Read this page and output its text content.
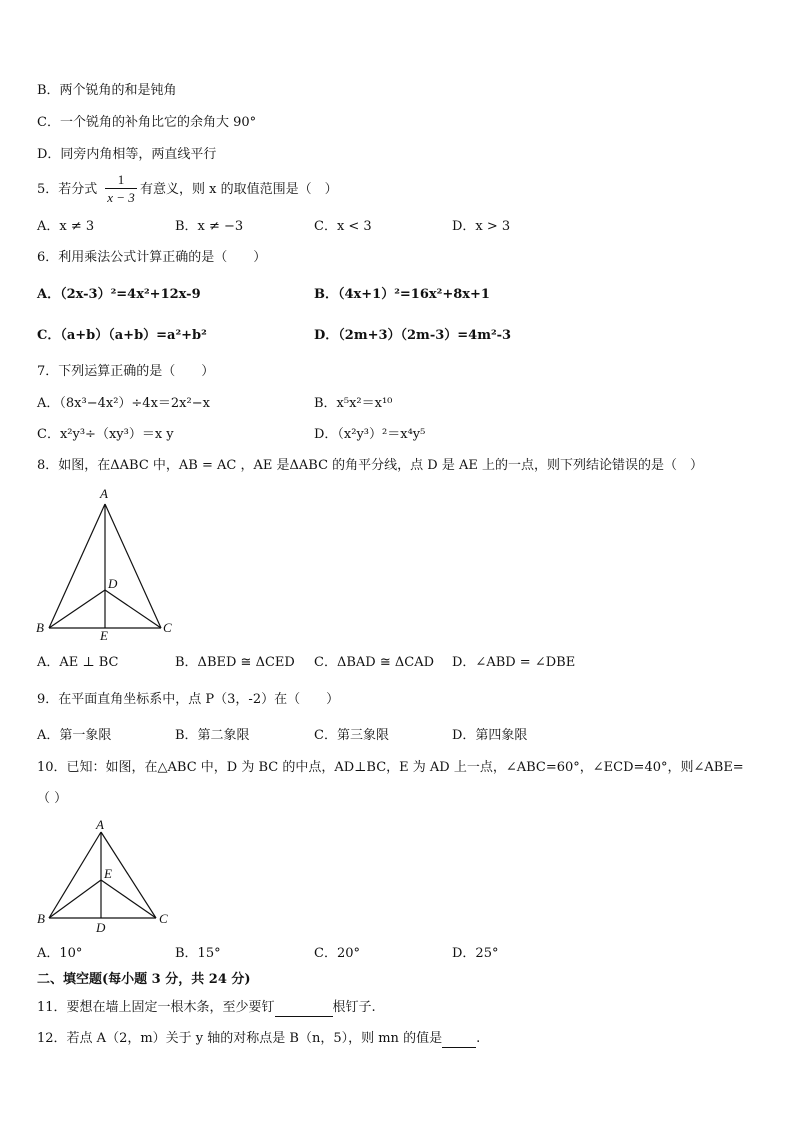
B．两个锐角的和是钝角
C．一个锐角的补角比它的余角大 90°
D．同旁内角相等，两直线平行
5．若分式
1
x − 3
有意义，则 x 的取值范围是（　）
A．x ≠ 3	B．x ≠ −3	C．x < 3	D．x > 3
6．利用乘法公式计算正确的是（　　）
A．（2x-3）²=4x²+12x-9	B．（4x+1）²=16x²+8x+1
C．（a+b）（a+b）=a²+b²	D．（2m+3）（2m-3）=4m²-3
7．下列运算正确的是（　　）
A．（8x³−4x²）÷4x＝2x²−x	B．x⁵x²＝x¹⁰
C．x²y³÷（xy³）＝x y	D．（x²y³）²＝x⁴y⁵
8．如图，在ΔABC 中，AB = AC ，AE 是ΔABC 的角平分线，点 D 是 AE 上的一点，则下列结论错误的是（　）
A
D
B	C
E
A．AE ⊥ BC	B．ΔBED ≅ ΔCED C．ΔBAD ≅ ΔCAD D．∠ABD = ∠DBE
9．在平面直角坐标系中，点 P（3，-2）在（　　）
A．第一象限	B．第二象限	C．第三象限	D．第四象限
10．已知：如图，在△ABC 中，D 为 BC 的中点，AD⊥BC，E 为 AD 上一点，∠ABC=60°，∠ECD=40°，则∠ABE=
（ ）
A
E
B	C
D
A．10°	B．15°	C．20°	D．25°
二、填空题(每小题 3 分，共 24 分)
11．要想在墙上固定一根木条，至少要钉	根钉子.
12．若点 A（2，m）关于 y 轴的对称点是 B（n，5），则 mn 的值是	.
